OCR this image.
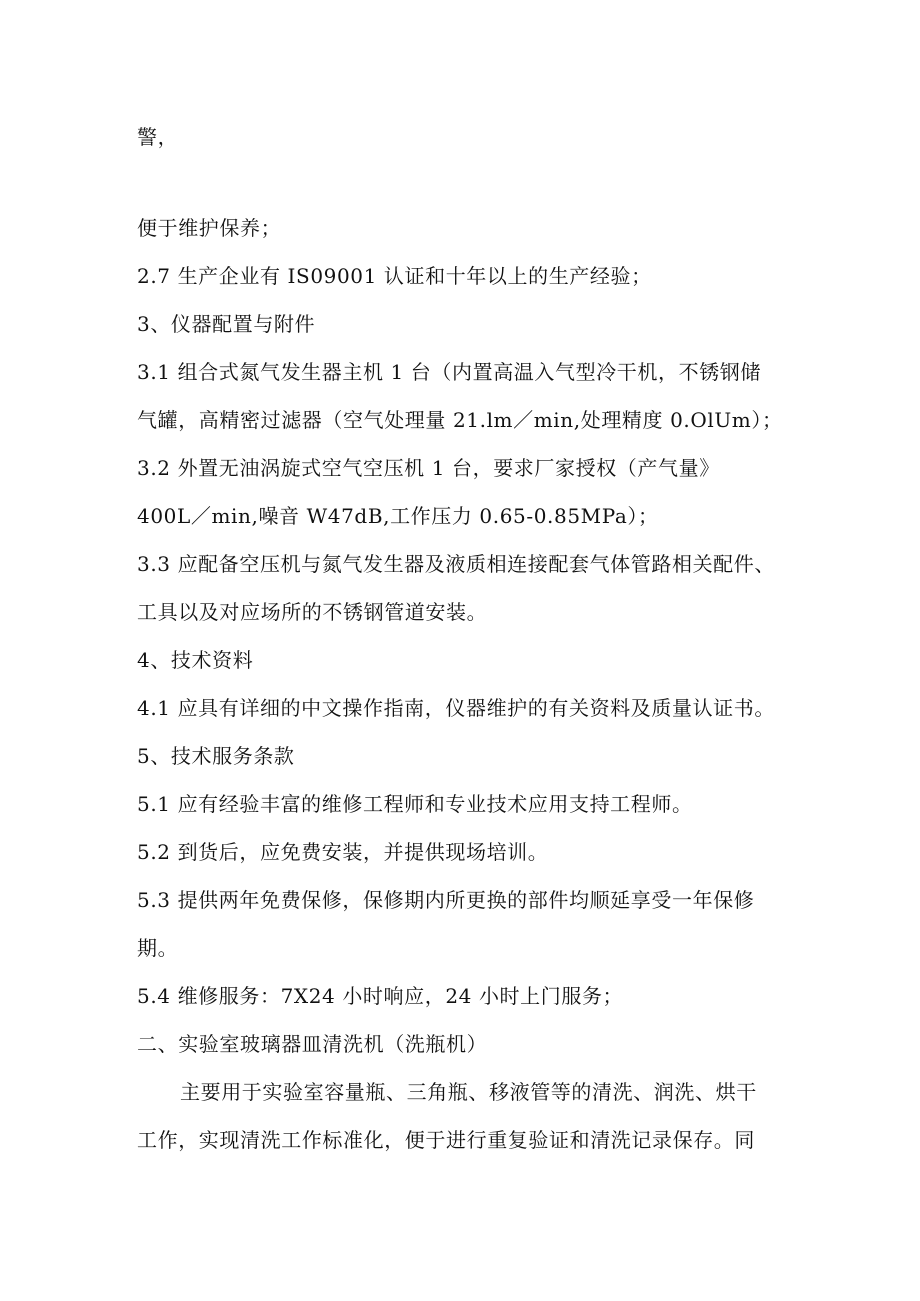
警，
便于维护保养；
2.7 生产企业有 IS09001 认证和十年以上的生产经验；
3、仪器配置与附件
3.1 组合式氮气发生器主机 1 台（内置高温入气型冷干机，不锈钢储
气罐，高精密过滤器（空气处理量 21.lm／min,处理精度 0.OlUm）；
3.2 外置无油涡旋式空气空压机 1 台，要求厂家授权（产气量》
400L／min,噪音 W47dB,工作压力 0.65-0.85MPa）；
3.3 应配备空压机与氮气发生器及液质相连接配套气体管路相关配件、
工具以及对应场所的不锈钢管道安装。
4、技术资料
4.1 应具有详细的中文操作指南，仪器维护的有关资料及质量认证书。
5、技术服务条款
5.1 应有经验丰富的维修工程师和专业技术应用支持工程师。
5.2 到货后，应免费安装，并提供现场培训。
5.3 提供两年免费保修，保修期内所更换的部件均顺延享受一年保修
期。
5.4 维修服务：7X24 小时响应，24 小时上门服务；
二、实验室玻璃器皿清洗机（洗瓶机）
主要用于实验室容量瓶、三角瓶、移液管等的清洗、润洗、烘干
工作，实现清洗工作标准化，便于进行重复验证和清洗记录保存。同
